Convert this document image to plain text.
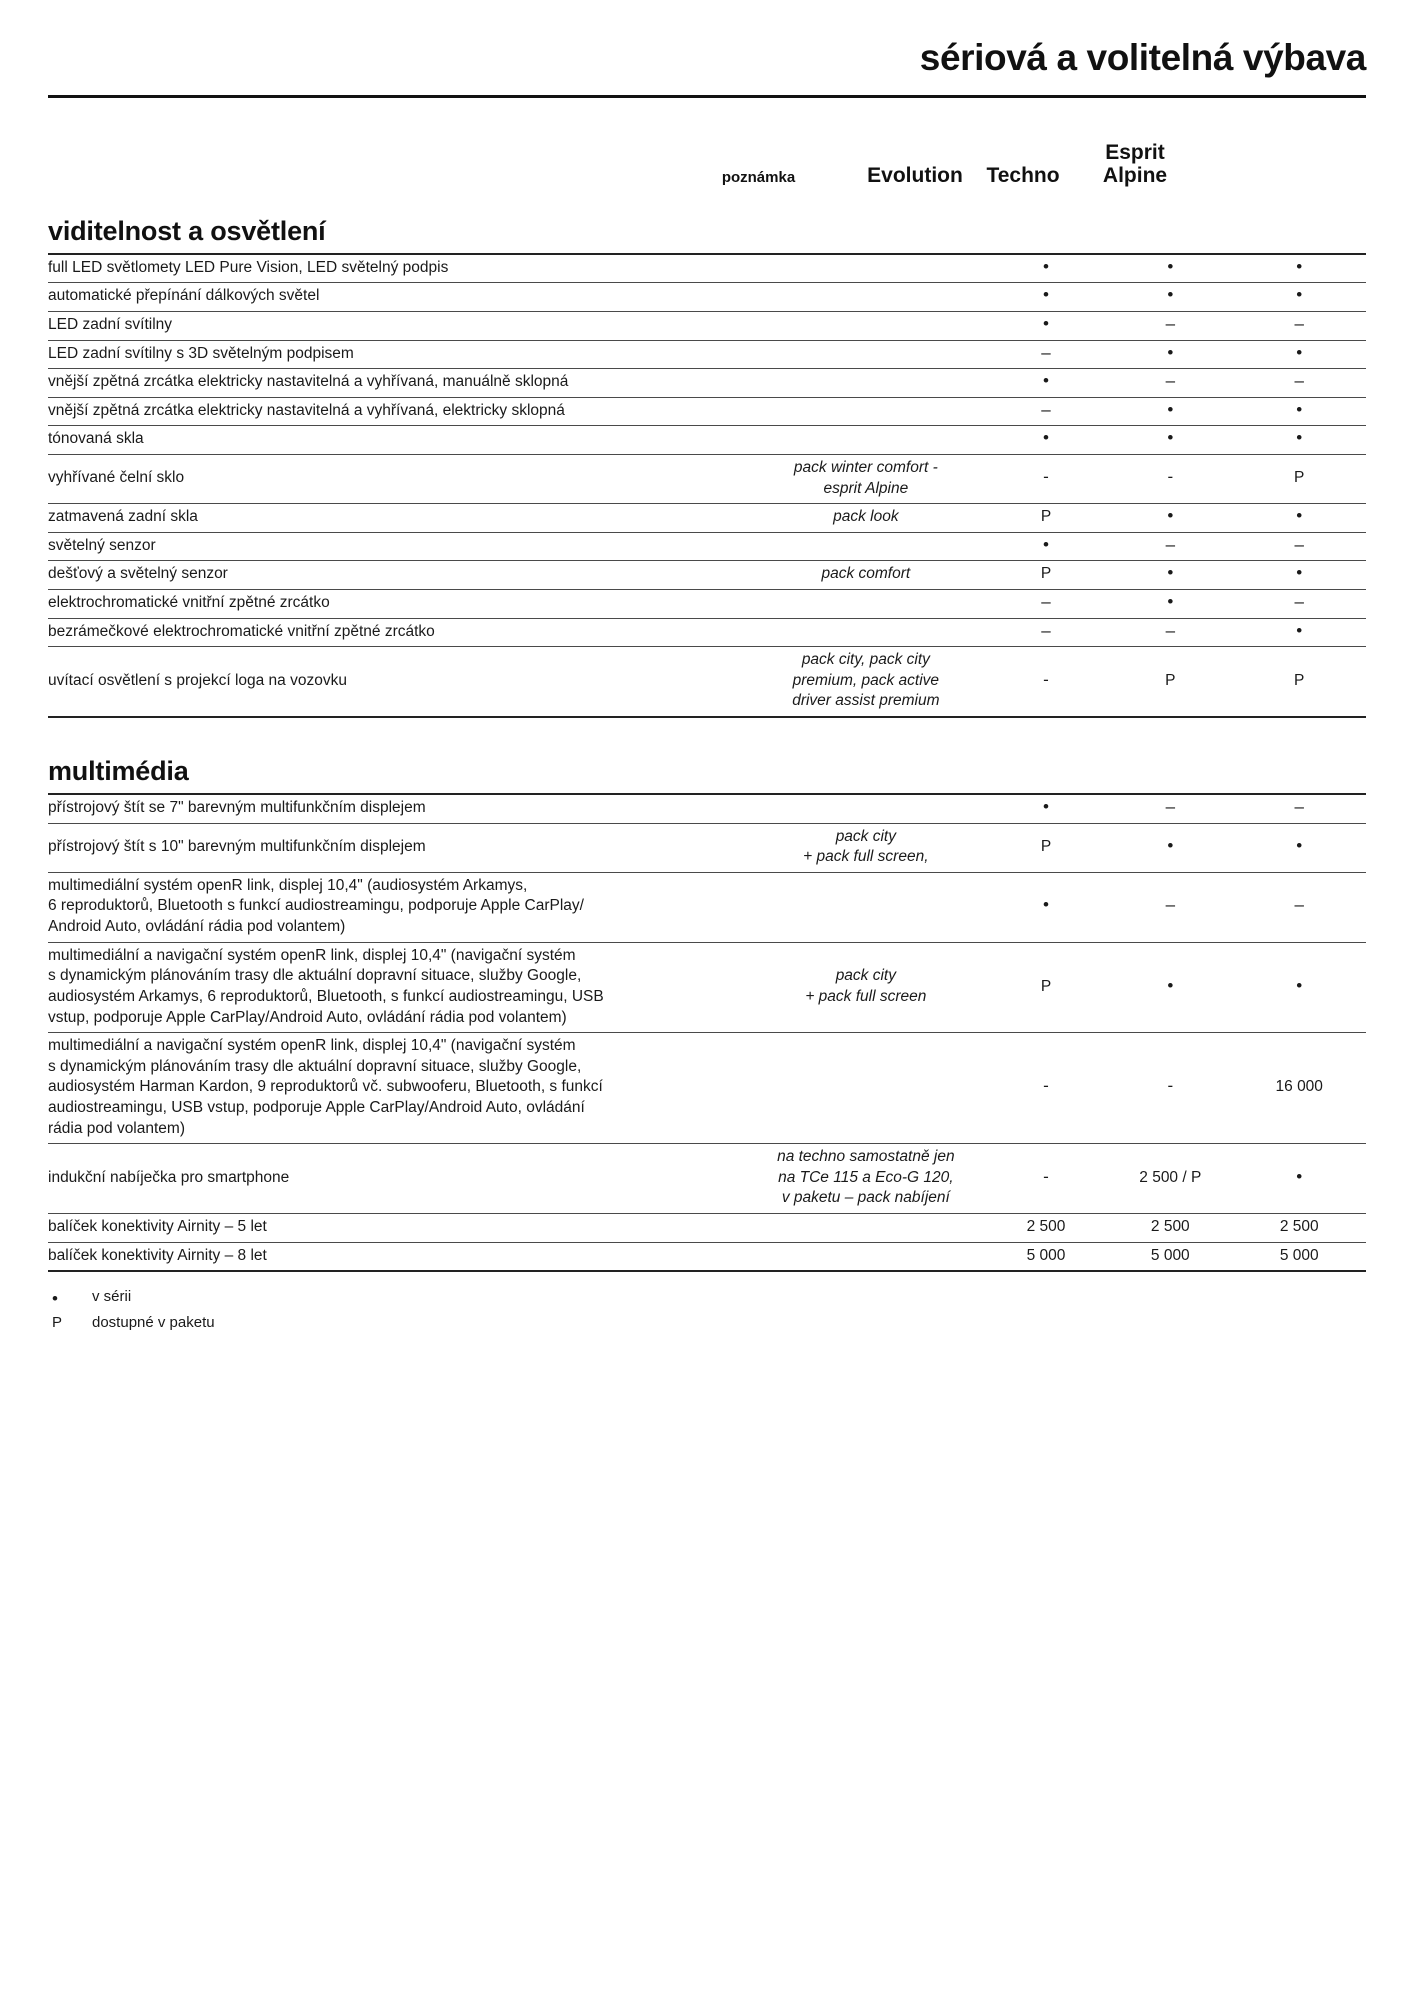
sériová a volitelná výbava
poznámka	Evolution	Techno
Esprit
Alpine
viditelnost a osvětlení
full LED světlomety LED Pure Vision, LED světelný podpis		•	•	•
automatické přepínání dálkových světel		•	•	•
LED zadní svítilny		•	–	–
LED zadní svítilny s 3D světelným podpisem		–	•	•
vnější zpětná zrcátka elektricky nastavitelná a vyhřívaná, manuálně sklopná		•	–	–
vnější zpětná zrcátka elektricky nastavitelná a vyhřívaná, elektricky sklopná		–	•	•
tónovaná skla		•	•	•
vyhřívané čelní sklo	pack winter comfort -
esprit Alpine	-	-	P
zatmavená zadní skla	pack look	P	•	•
světelný senzor		•	–	–
dešťový a světelný senzor	pack comfort	P	•	•
elektrochromatické vnitřní zpětné zrcátko		–	•	–
bezrámečkové elektrochromatické vnitřní zpětné zrcátko		–	–	•
uvítací osvětlení s projekcí loga na vozovku	pack city, pack city
premium, pack active
driver assist premium	-	P	P
multimédia
přístrojový štít se 7" barevným multifunkčním displejem		•	–	–
přístrojový štít s 10" barevným multifunkčním displejem	pack city
+ pack full screen,	P	•	•
multimediální systém openR link, displej 10,4" (audiosystém Arkamys,
6 reproduktorů, Bluetooth s funkcí audiostreamingu, podporuje Apple CarPlay/
Android Auto, ovládání rádia pod volantem)		•	–	–
multimediální a navigační systém openR link, displej 10,4" (navigační systém
s dynamickým plánováním trasy dle aktuální dopravní situace, služby Google,
audiosystém Arkamys, 6 reproduktorů, Bluetooth, s funkcí audiostreamingu, USB
vstup, podporuje Apple CarPlay/Android Auto, ovládání rádia pod volantem)	pack city
+ pack full screen	P	•	•
multimediální a navigační systém openR link, displej 10,4" (navigační systém
s dynamickým plánováním trasy dle aktuální dopravní situace, služby Google,
audiosystém Harman Kardon, 9 reproduktorů vč. subwooferu, Bluetooth, s funkcí
audiostreamingu, USB vstup, podporuje Apple CarPlay/Android Auto, ovládání
rádia pod volantem)		-	-	16 000
indukční nabíječka pro smartphone	na techno samostatně jen
na TCe 115 a Eco-G 120,
v paketu – pack nabíjení	-	2 500 / P	•
balíček konektivity Airnity – 5 let		2 500	2 500	2 500
balíček konektivity Airnity – 8 let		5 000	5 000	5 000
•	v sérii
P	dostupné v paketu
